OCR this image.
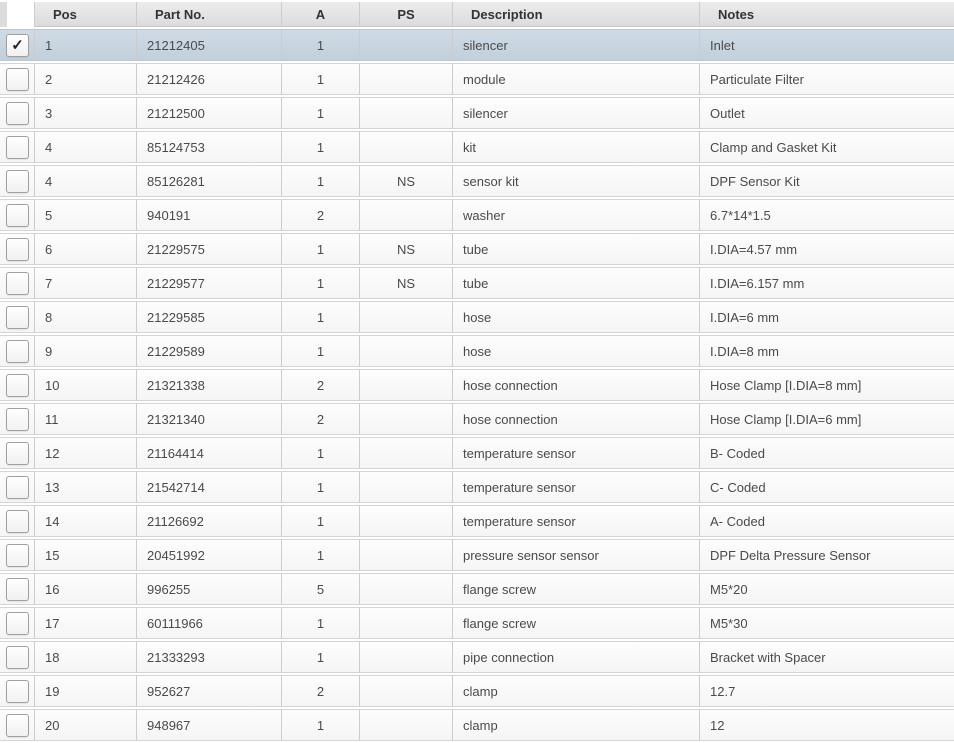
	Pos	Part No.	A	PS	Description	Notes

✓	1	21212405	1		silencer	Inlet

	2	21212426	1		module	Particulate Filter

	3	21212500	1		silencer	Outlet

	4	85124753	1		kit	Clamp and Gasket Kit

	4	85126281	1	NS	sensor kit	DPF Sensor Kit

	5	940191	2		washer	6.7*14*1.5

	6	21229575	1	NS	tube	I.DIA=4.57 mm

	7	21229577	1	NS	tube	I.DIA=6.157 mm

	8	21229585	1		hose	I.DIA=6 mm

	9	21229589	1		hose	I.DIA=8 mm

	10	21321338	2		hose connection	Hose Clamp [I.DIA=8 mm]

	11	21321340	2		hose connection	Hose Clamp [I.DIA=6 mm]

	12	21164414	1		temperature sensor	B- Coded

	13	21542714	1		temperature sensor	C- Coded

	14	21126692	1		temperature sensor	A- Coded

	15	20451992	1		pressure sensor sensor	DPF Delta Pressure Sensor

	16	996255	5		flange screw	M5*20

	17	60111966	1		flange screw	M5*30

	18	21333293	1		pipe connection	Bracket with Spacer

	19	952627	2		clamp	12.7

	20	948967	1		clamp	12
